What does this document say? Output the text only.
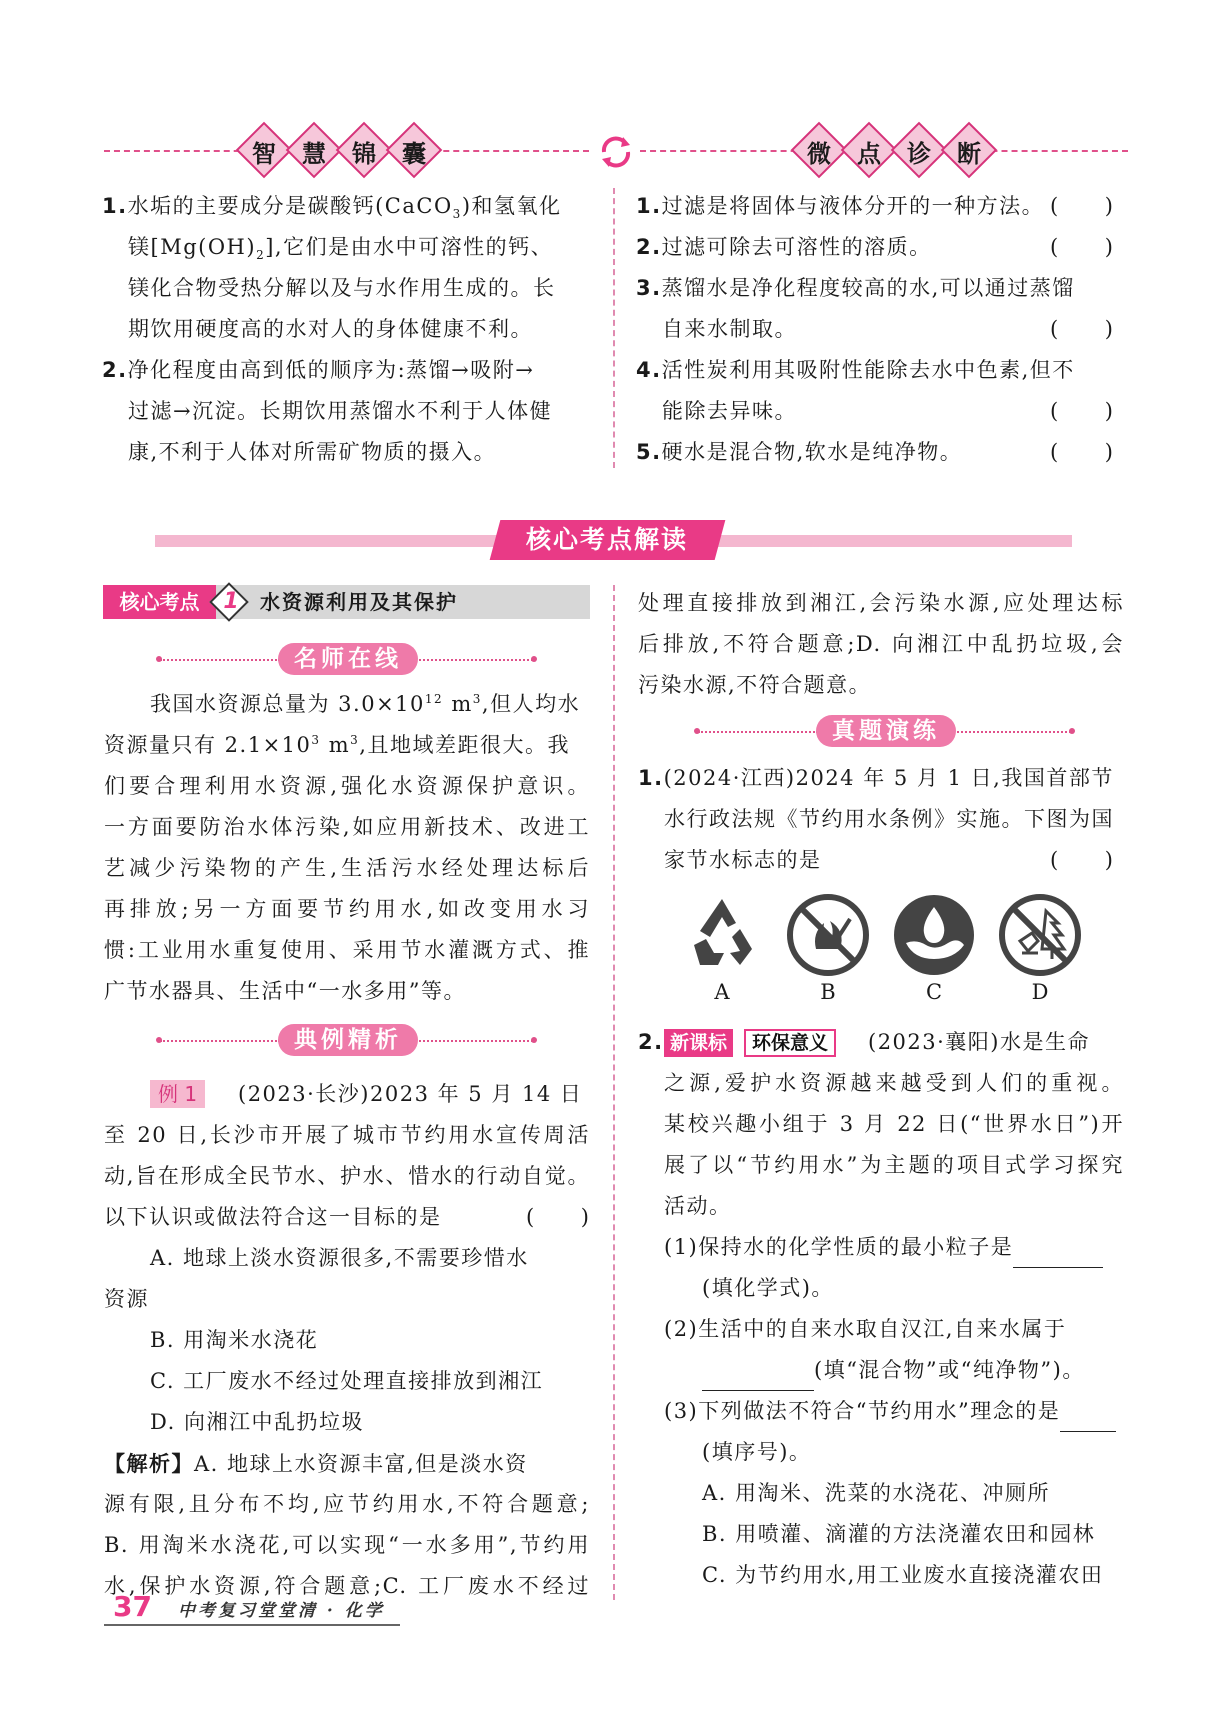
智	慧	锦	囊	微	点	诊	断
1.水垢的主要成分是碳酸钙(CaCO$_3$)和氢氧化
镁$[Mg(OH)_2]$,它们是由水中可溶性的钙、
镁化合物受热分解以及与水作用生成的。长
期饮用硬度高的水对人的身体健康不利。
2.净化程度由高到低的顺序为:蒸馏→吸附→
过滤→沉淀。长期饮用蒸馏水不利于人体健
康,不利于人体对所需矿物质的摄入。
1.过滤是将固体与液体分开的一种方法。 (　　)
2.过滤可除去可溶性的溶质。	(　　)
3.蒸馏水是净化程度较高的水,可以通过蒸馏
自来水制取。	(　　)
4.活性炭利用其吸附性能除去水中色素,但不
能除去异味。	(　　)
5.硬水是混合物,软水是纯净物。	(　　)
核心考点解读
核心考点	1	水资源利用及其保护
名师在线
我国水资源总量为 $3.0\times 10^{12}$ $m^3$,但人均水
资源量只有 $2.1\times 10^3$ $m^3$,且地域差距很大。我
们要合理利用水资源,强化水资源保护意识。
一方面要防治水体污染,如应用新技术、改进工
艺减少污染物的产生,生活污水经处理达标后
再排放;另一方面要节约用水,如改变用水习
惯:工业用水重复使用、采用节水灌溉方式、推
广节水器具、生活中“一水多用”等。
典例精析
例 1	(2023·长沙)2023 年 5 月 14 日
至 20 日,长沙市开展了城市节约用水宣传周活
动,旨在形成全民节水、护水、惜水的行动自觉。
以下认识或做法符合这一目标的是	(　　)
A. 地球上淡水资源很多,不需要珍惜水
资源
B. 用淘米水浇花
C. 工厂废水不经过处理直接排放到湘江
D. 向湘江中乱扔垃圾
【解析】A. 地球上水资源丰富,但是淡水资
源有限,且分布不均,应节约用水,不符合题意;
B. 用淘米水浇花,可以实现“一水多用”,节约用
水,保护水资源,符合题意;C. 工厂废水不经过
处理直接排放到湘江,会污染水源,应处理达标
后排放,不符合题意;D. 向湘江中乱扔垃圾,会
污染水源,不符合题意。
真题演练
1.(2024·江西)2024 年 5 月 1 日,我国首部节
水行政法规《节约用水条例》实施。下图为国
家节水标志的是	(　　)
A	B	C	D
2. 新课标	环保意义	(2023·襄阳)水是生命
之源,爱护水资源越来越受到人们的重视。
某校兴趣小组于 3 月 22 日(“世界水日”)开
展了以“节约用水”为主题的项目式学习探究
活动。
(1)保持水的化学性质的最小粒子是
(填化学式)。
(2)生活中的自来水取自汉江,自来水属于
(填“混合物”或“纯净物”)。
(3)下列做法不符合“节约用水”理念的是
(填序号)。
A. 用淘米、洗菜的水浇花、冲厕所
B. 用喷灌、滴灌的方法浇灌农田和园林
C. 为节约用水,用工业废水直接浇灌农田
37 中考复习堂堂清 · 化学
